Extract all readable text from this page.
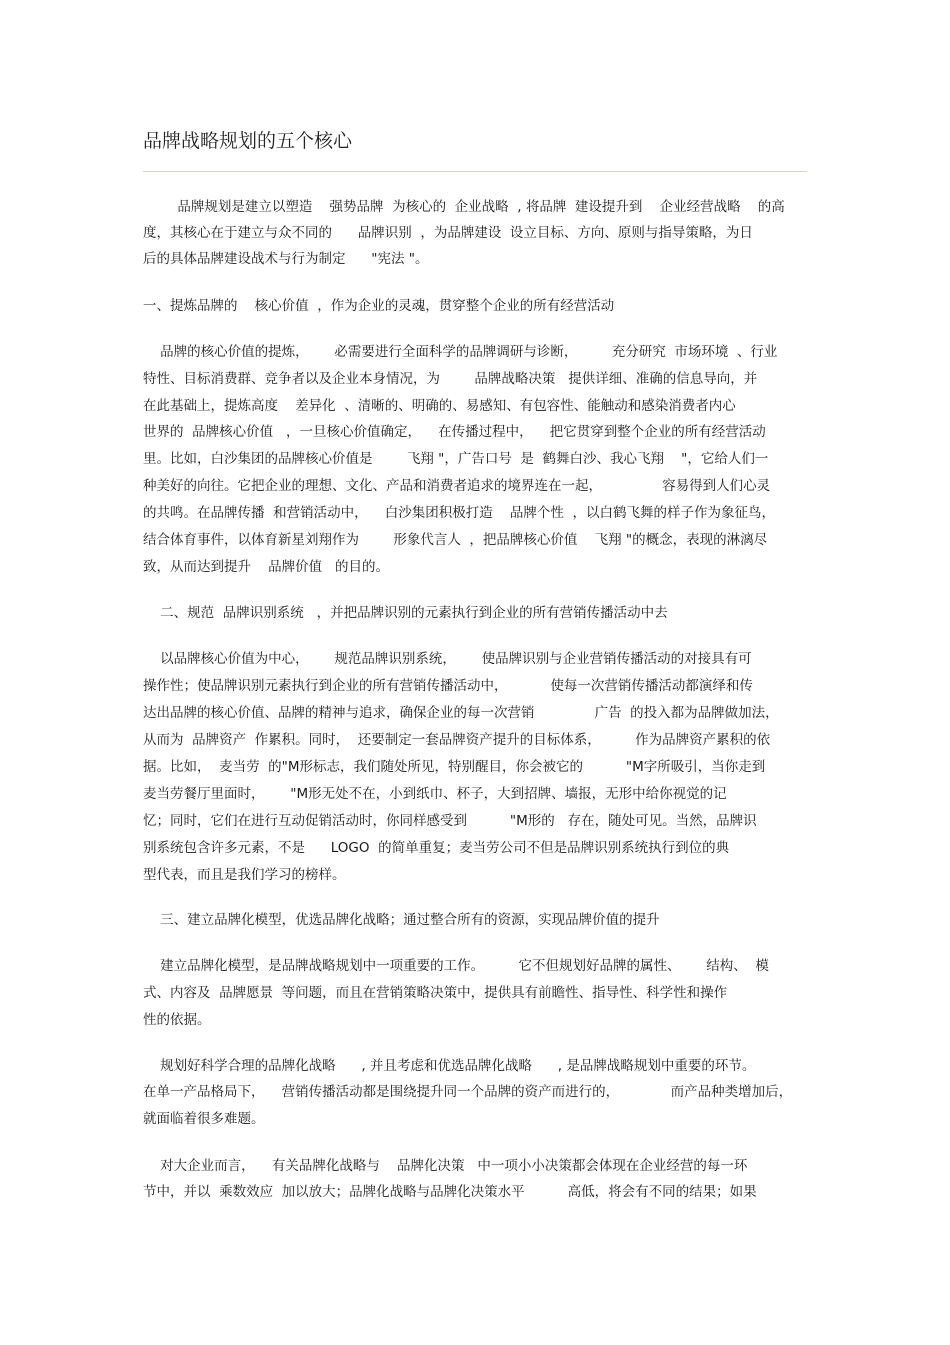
品牌战略规划的五个核心
品牌规划是建立以塑造    强势品牌  为核心的  企业战略  , 将品牌  建设提升到    企业经营战略    的高
度，其核心在于建立与众不同的      品牌识别  ，为品牌建设  设立目标、方向、原则与指导策略，为日
后的具体品牌建设战术与行为制定      "宪法 "。
一、提炼品牌的    核心价值  ，作为企业的灵魂，贯穿整个企业的所有经营活动
品牌的核心价值的提炼，      必需要进行全面科学的品牌调研与诊断，        充分研究  市场环境  、行业
特性、目标消费群、竞争者以及企业本身情况，为        品牌战略决策   提供详细、准确的信息导向，并
在此基础上，提炼高度    差异化  、清晰的、明确的、易感知、有包容性、能触动和感染消费者内心
世界的  品牌核心价值   ，一旦核心价值确定，    在传播过程中，    把它贯穿到整个企业的所有经营活动
里。比如，白沙集团的品牌核心价值是        飞翔 "，广告口号  是  鹤舞白沙、我心飞翔    "，它给人们一
种美好的向往。它把企业的理想、文化、产品和消费者追求的境界连在一起，              容易得到人们心灵
的共鸣。在品牌传播  和营销活动中，    白沙集团积极打造    品牌个性  ，以白鹤飞舞的样子作为象征鸟，
结合体育事件，以体育新星刘翔作为        形象代言人  ，把品牌核心价值    飞翔 "的概念，表现的淋漓尽
致，从而达到提升    品牌价值   的目的。
二、规范  品牌识别系统   ，并把品牌识别的元素执行到企业的所有营销传播活动中去
以品牌核心价值为中心，      规范品牌识别系统，      使品牌识别与企业营销传播活动的对接具有可
操作性；使品牌识别元素执行到企业的所有营销传播活动中，          使每一次营销传播活动都演绎和传
达出品牌的核心价值、品牌的精神与追求，确保企业的每一次营销              广告  的投入都为品牌做加法，
从而为  品牌资产  作累积。同时，  还要制定一套品牌资产提升的目标体系，        作为品牌资产累积的依
据。比如，  麦当劳  的"M形标志，我们随处所见，特别醒目，你会被它的          "M字所吸引，当你走到
麦当劳餐厅里面时，      "M形无处不在，小到纸巾、杯子，大到招牌、墙报，无形中给你视觉的记
忆；同时，它们在进行互动促销活动时，你同样感受到          "M形的   存在，随处可见。当然，品牌识
别系统包含许多元素，不是      LOGO  的简单重复；麦当劳公司不但是品牌识别系统执行到位的典
型代表，而且是我们学习的榜样。
三、建立品牌化模型，优选品牌化战略；通过整合所有的资源，实现品牌价值的提升
建立品牌化模型，是品牌战略规划中一项重要的工作。        它不但规划好品牌的属性、      结构、  模
式、内容及  品牌愿景  等问题，而且在营销策略决策中，提供具有前瞻性、指导性、科学性和操作
性的依据。
规划好科学合理的品牌化战略      , 并且考虑和优选品牌化战略      , 是品牌战略规划中重要的环节。
在单一产品格局下，    营销传播活动都是围绕提升同一个品牌的资产而进行的，            而产品种类增加后，
就面临着很多难题。
对大企业而言，    有关品牌化战略与    品牌化决策   中一项小小决策都会体现在企业经营的每一环
节中，并以  乘数效应  加以放大；品牌化战略与品牌化决策水平          高低，将会有不同的结果；如果
